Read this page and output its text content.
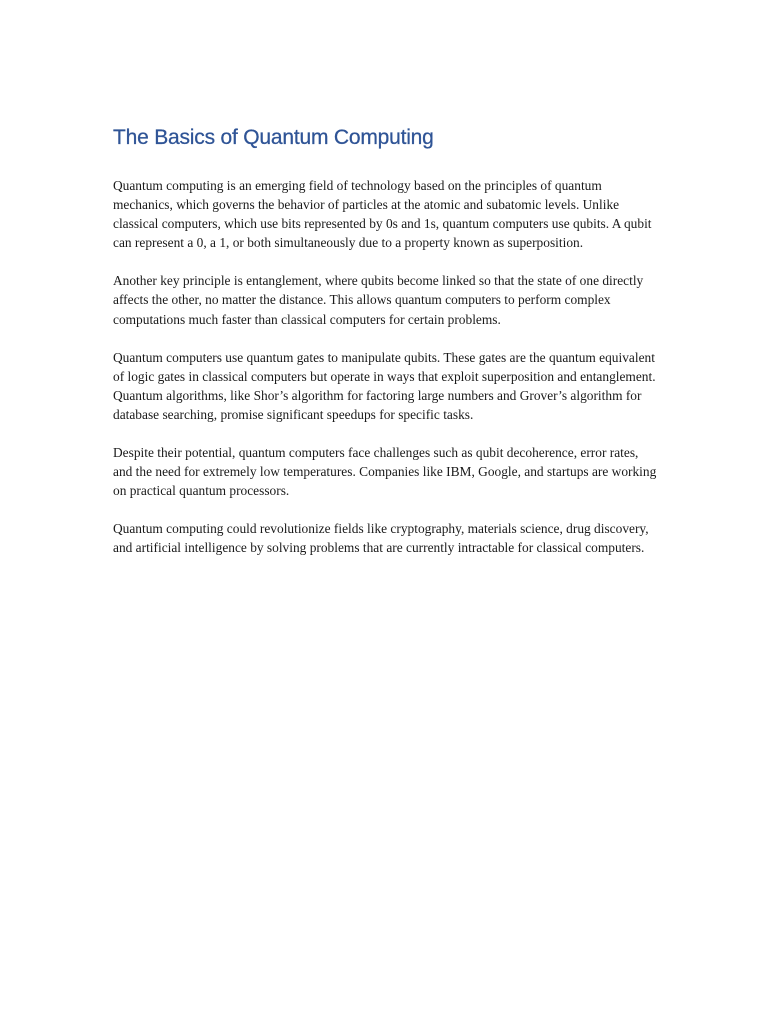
The Basics of Quantum Computing

Quantum computing is an emerging field of technology based on the principles of quantum mechanics, which governs the behavior of particles at the atomic and subatomic levels. Unlike classical computers, which use bits represented by 0s and 1s, quantum computers use qubits. A qubit can represent a 0, a 1, or both simultaneously due to a property known as superposition.

Another key principle is entanglement, where qubits become linked so that the state of one directly affects the other, no matter the distance. This allows quantum computers to perform complex computations much faster than classical computers for certain problems.

Quantum computers use quantum gates to manipulate qubits. These gates are the quantum equivalent of logic gates in classical computers but operate in ways that exploit superposition and entanglement. Quantum algorithms, like Shor’s algorithm for factoring large numbers and Grover’s algorithm for database searching, promise significant speedups for specific tasks.

Despite their potential, quantum computers face challenges such as qubit decoherence, error rates, and the need for extremely low temperatures. Companies like IBM, Google, and startups are working on practical quantum processors.

Quantum computing could revolutionize fields like cryptography, materials science, drug discovery, and artificial intelligence by solving problems that are currently intractable for classical computers.
